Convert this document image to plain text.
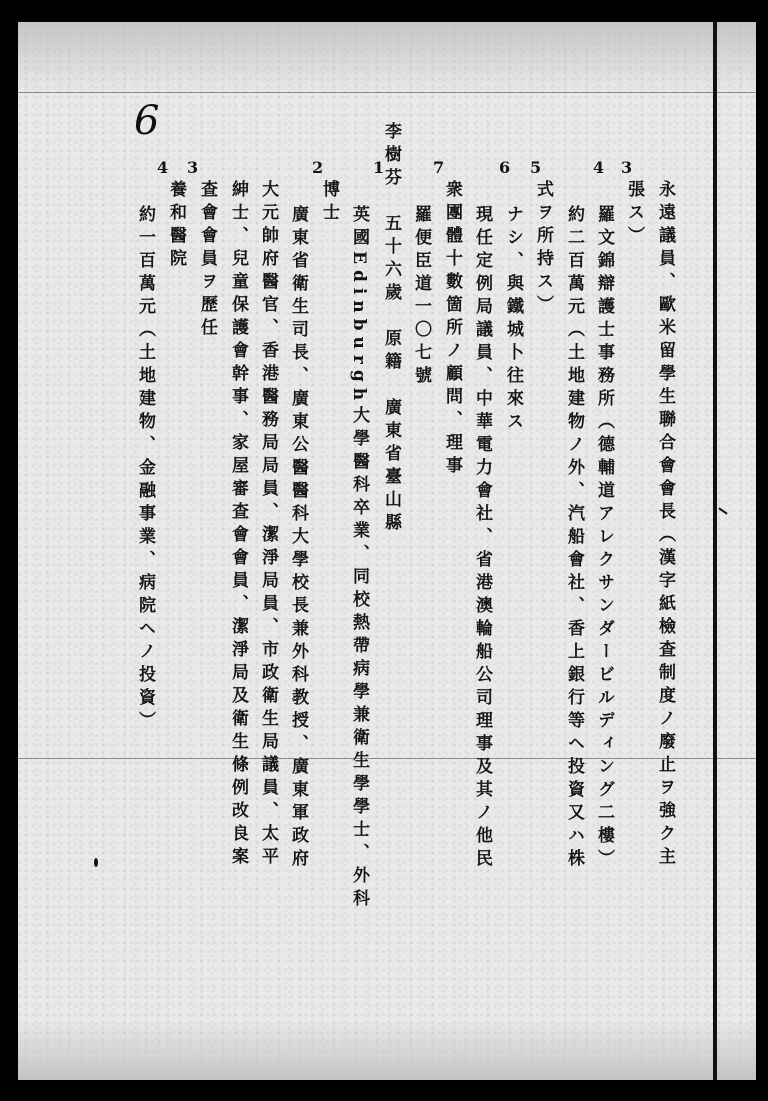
6
3
4
5
6
7
1
2
3
4
永遠議員、歐米留學生聯合會會長（漢字紙檢查制度ノ廢止ヲ強ク主
張ス）
羅文錦辯護士事務所（德輔道アレクサンダービルディング二樓）
約二百萬元（土地建物ノ外、汽船會社、香上銀行等ヘ投資又ハ株
式ヲ所持ス）
ナシ、與鐵城卜往來ス
現任定例局議員、中華電力會社、省港澳輪船公司理事及其ノ他民
衆團體十數箇所ノ顧問、理事
羅便臣道一〇七號
李樹芬　五十六歲　原籍　廣東省臺山縣
英國Edinburgh大學醫科卒業、同校熱帶病學兼衛生學學士、外科
博士
廣東省衛生司長、廣東公醫醫科大學校長兼外科教授、廣東軍政府
大元帥府醫官、香港醫務局局員、潔淨局員、市政衛生局議員、太平
紳士、兒童保護會幹事、家屋審查會會員、潔淨局及衛生條例改良案
查會會員ヲ歷任
養和醫院
約一百萬元（土地建物、金融事業、病院ヘノ投資）
